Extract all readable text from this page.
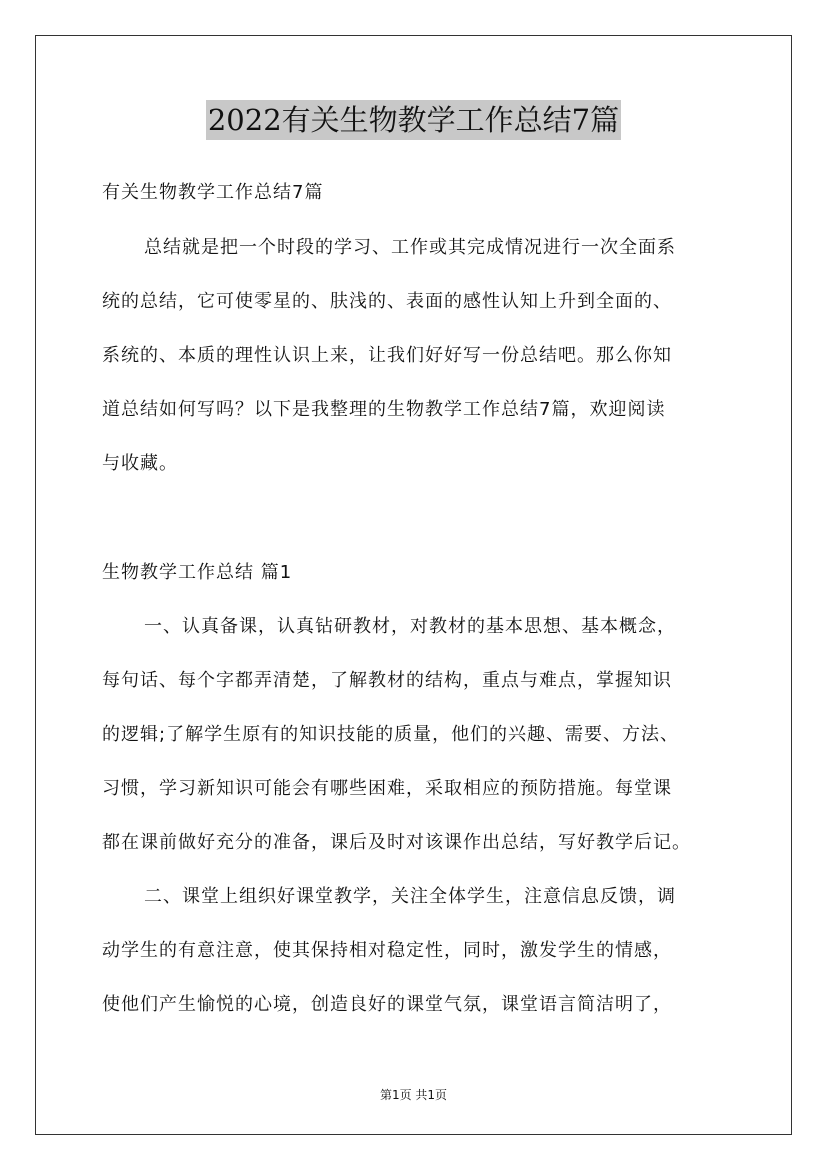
2022有关生物教学工作总结7篇
有关生物教学工作总结7篇
总结就是把一个时段的学习、工作或其完成情况进行一次全面系
统的总结，它可使零星的、肤浅的、表面的感性认知上升到全面的、
系统的、本质的理性认识上来，让我们好好写一份总结吧。那么你知
道总结如何写吗？以下是我整理的生物教学工作总结7篇，欢迎阅读
与收藏。
生物教学工作总结 篇1
一、认真备课，认真钻研教材，对教材的基本思想、基本概念，
每句话、每个字都弄清楚，了解教材的结构，重点与难点，掌握知识
的逻辑;了解学生原有的知识技能的质量，他们的兴趣、需要、方法、
习惯，学习新知识可能会有哪些困难，采取相应的预防措施。每堂课
都在课前做好充分的准备，课后及时对该课作出总结，写好教学后记。
二、课堂上组织好课堂教学，关注全体学生，注意信息反馈，调
动学生的有意注意，使其保持相对稳定性，同时，激发学生的情感，
使他们产生愉悦的心境，创造良好的课堂气氛，课堂语言简洁明了，
第1页 共1页
